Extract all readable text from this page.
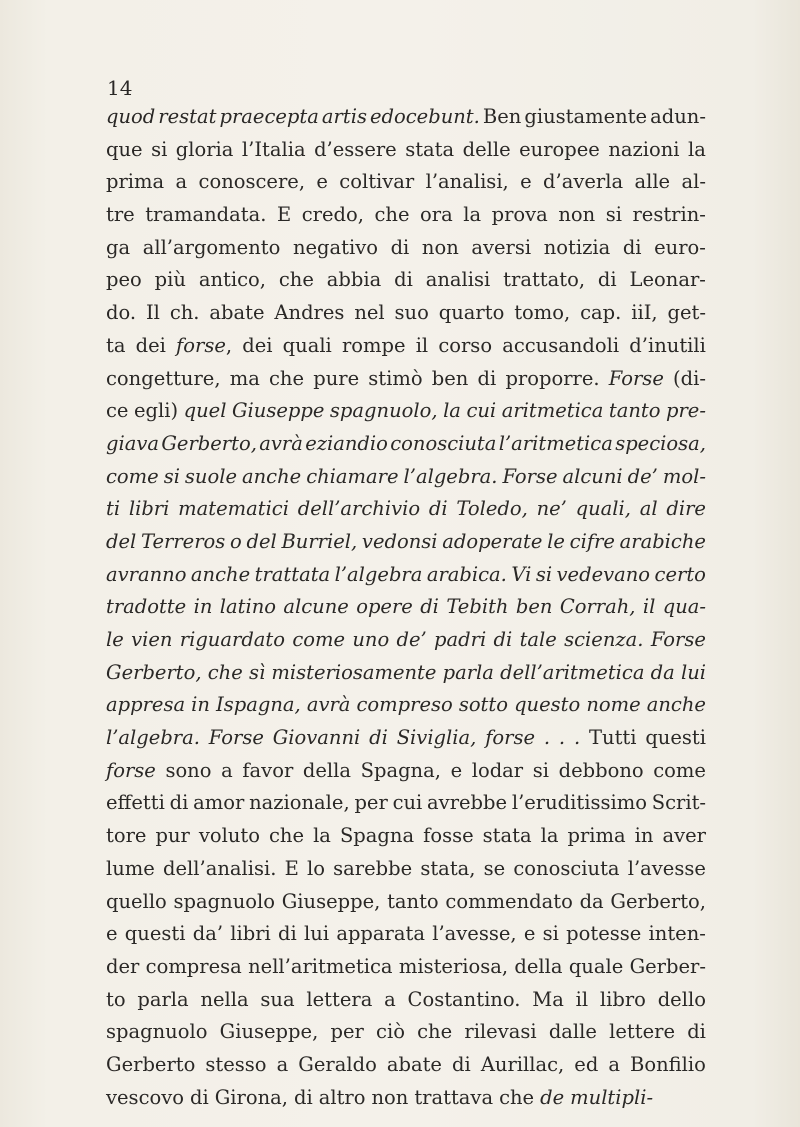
14
quod restat praecepta artis edocebunt. Ben giustamente adun-
que si gloria l’Italia d’essere stata delle europee nazioni la
prima a conoscere, e coltivar l’analisi, e d’averla alle al-
tre tramandata. E credo, che ora la prova non si restrin-
ga all’argomento negativo di non aversi notizia di euro-
peo più antico, che abbia di analisi trattato, di Leonar-
do. Il ch. abate Andres nel suo quarto tomo, cap. iiI, get-
ta dei forse, dei quali rompe il corso accusandoli d’inutili
congetture, ma che pure stimò ben di proporre. Forse (di-
ce egli) quel Giuseppe spagnuolo, la cui aritmetica tanto pre-
giava Gerberto, avrà eziandio conosciuta l’aritmetica speciosa,
come si suole anche chiamare l’algebra. Forse alcuni de’ mol-
ti libri matematici dell’archivio di Toledo, ne’ quali, al dire
del Terreros o del Burriel, vedonsi adoperate le cifre arabiche
avranno anche trattata l’algebra arabica. Vi si vedevano certo
tradotte in latino alcune opere di Tebith ben Corrah, il qua-
le vien riguardato come uno de’ padri di tale scienza. Forse
Gerberto, che sì misteriosamente parla dell’aritmetica da lui
appresa in Ispagna, avrà compreso sotto questo nome anche
l’algebra. Forse Giovanni di Siviglia, forse . . . Tutti questi
forse sono a favor della Spagna, e lodar si debbono come
effetti di amor nazionale, per cui avrebbe l’eruditissimo Scrit-
tore pur voluto che la Spagna fosse stata la prima in aver
lume dell’analisi. E lo sarebbe stata, se conosciuta l’avesse
quello spagnuolo Giuseppe, tanto commendato da Gerberto,
e questi da’ libri di lui apparata l’avesse, e si potesse inten-
der compresa nell’aritmetica misteriosa, della quale Gerber-
to parla nella sua lettera a Costantino. Ma il libro dello
spagnuolo Giuseppe, per ciò che rilevasi dalle lettere di
Gerberto stesso a Geraldo abate di Aurillac, ed a Bonfilio
vescovo di Girona, di altro non trattava che de multipli-
